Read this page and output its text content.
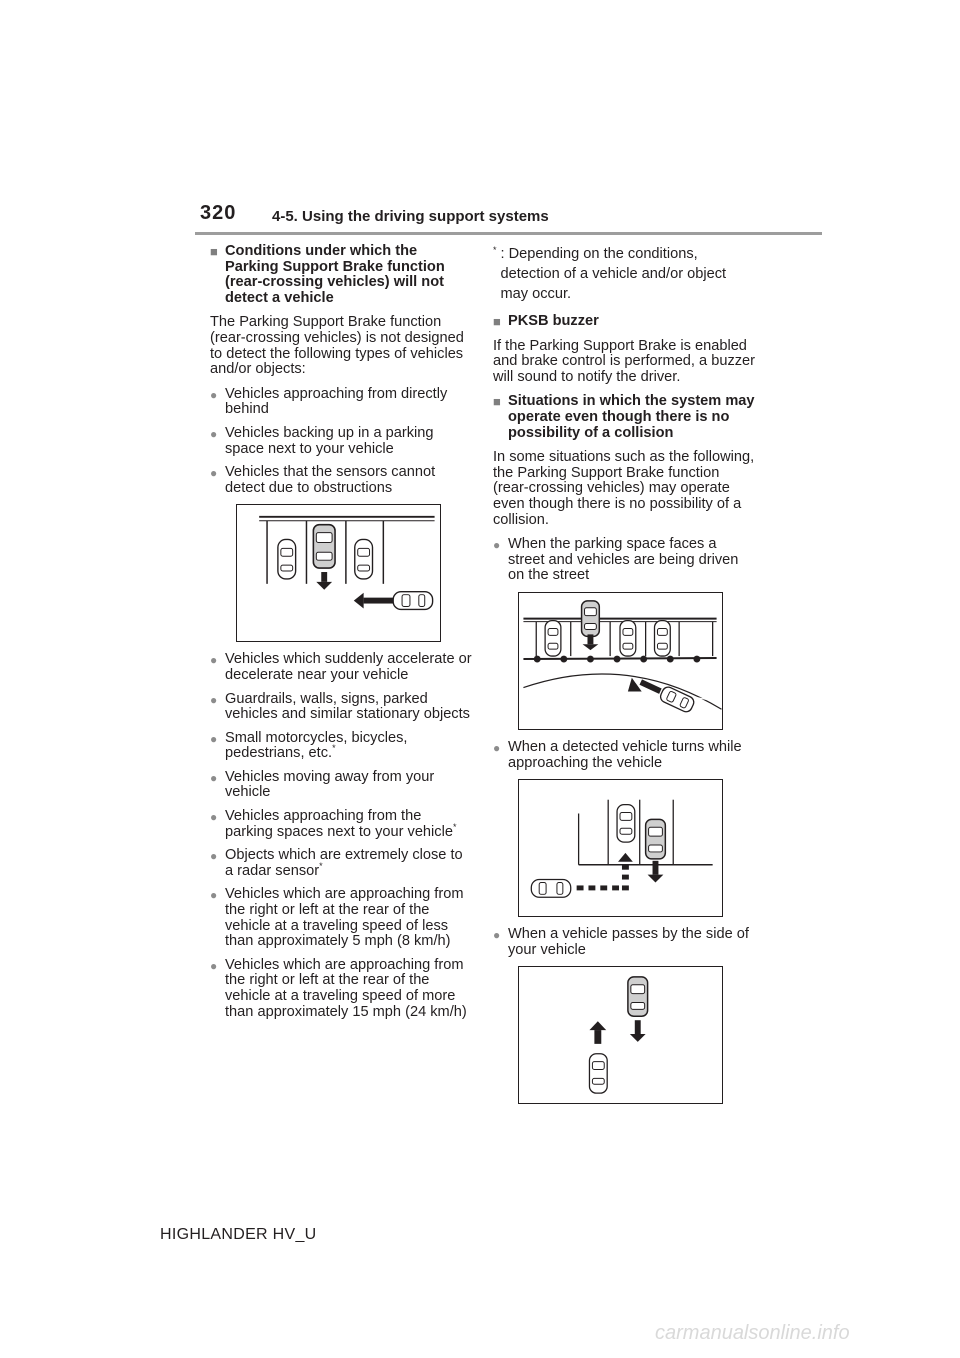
320 4-5. Using the driving support systems
■ Conditions under which the Parking Support Brake function (rear-crossing vehicles) will not detect a vehicle

The Parking Support Brake function (rear-crossing vehicles) is not designed to detect the following types of vehicles and/or objects:

● Vehicles approaching from directly behind
● Vehicles backing up in a parking space next to your vehicle
● Vehicles that the sensors cannot detect due to obstructions
● Vehicles which suddenly accelerate or decelerate near your vehicle
● Guardrails, walls, signs, parked vehicles and similar stationary objects
● Small motorcycles, bicycles, pedestrians, etc.*
● Vehicles moving away from your vehicle
● Vehicles approaching from the parking spaces next to your vehicle*
● Objects which are extremely close to a radar sensor*
● Vehicles which are approaching from the right or left at the rear of the vehicle at a traveling speed of less than approximately 5 mph (8 km/h)
● Vehicles which are approaching from the right or left at the rear of the vehicle at a traveling speed of more than approximately 15 mph (24 km/h)
* : Depending on the conditions, detection of a vehicle and/or object may occur.
■ PKSB buzzer

If the Parking Support Brake is enabled and brake control is performed, a buzzer will sound to notify the driver.

■ Situations in which the system may operate even though there is no possibility of a collision

In some situations such as the following, the Parking Support Brake function (rear-crossing vehicles) may operate even though there is no possibility of a collision.

● When the parking space faces a street and vehicles are being driven on the street
● When a detected vehicle turns while approaching the vehicle
● When a vehicle passes by the side of your vehicle
HIGHLANDER HV_U
carmanualsonline.info
